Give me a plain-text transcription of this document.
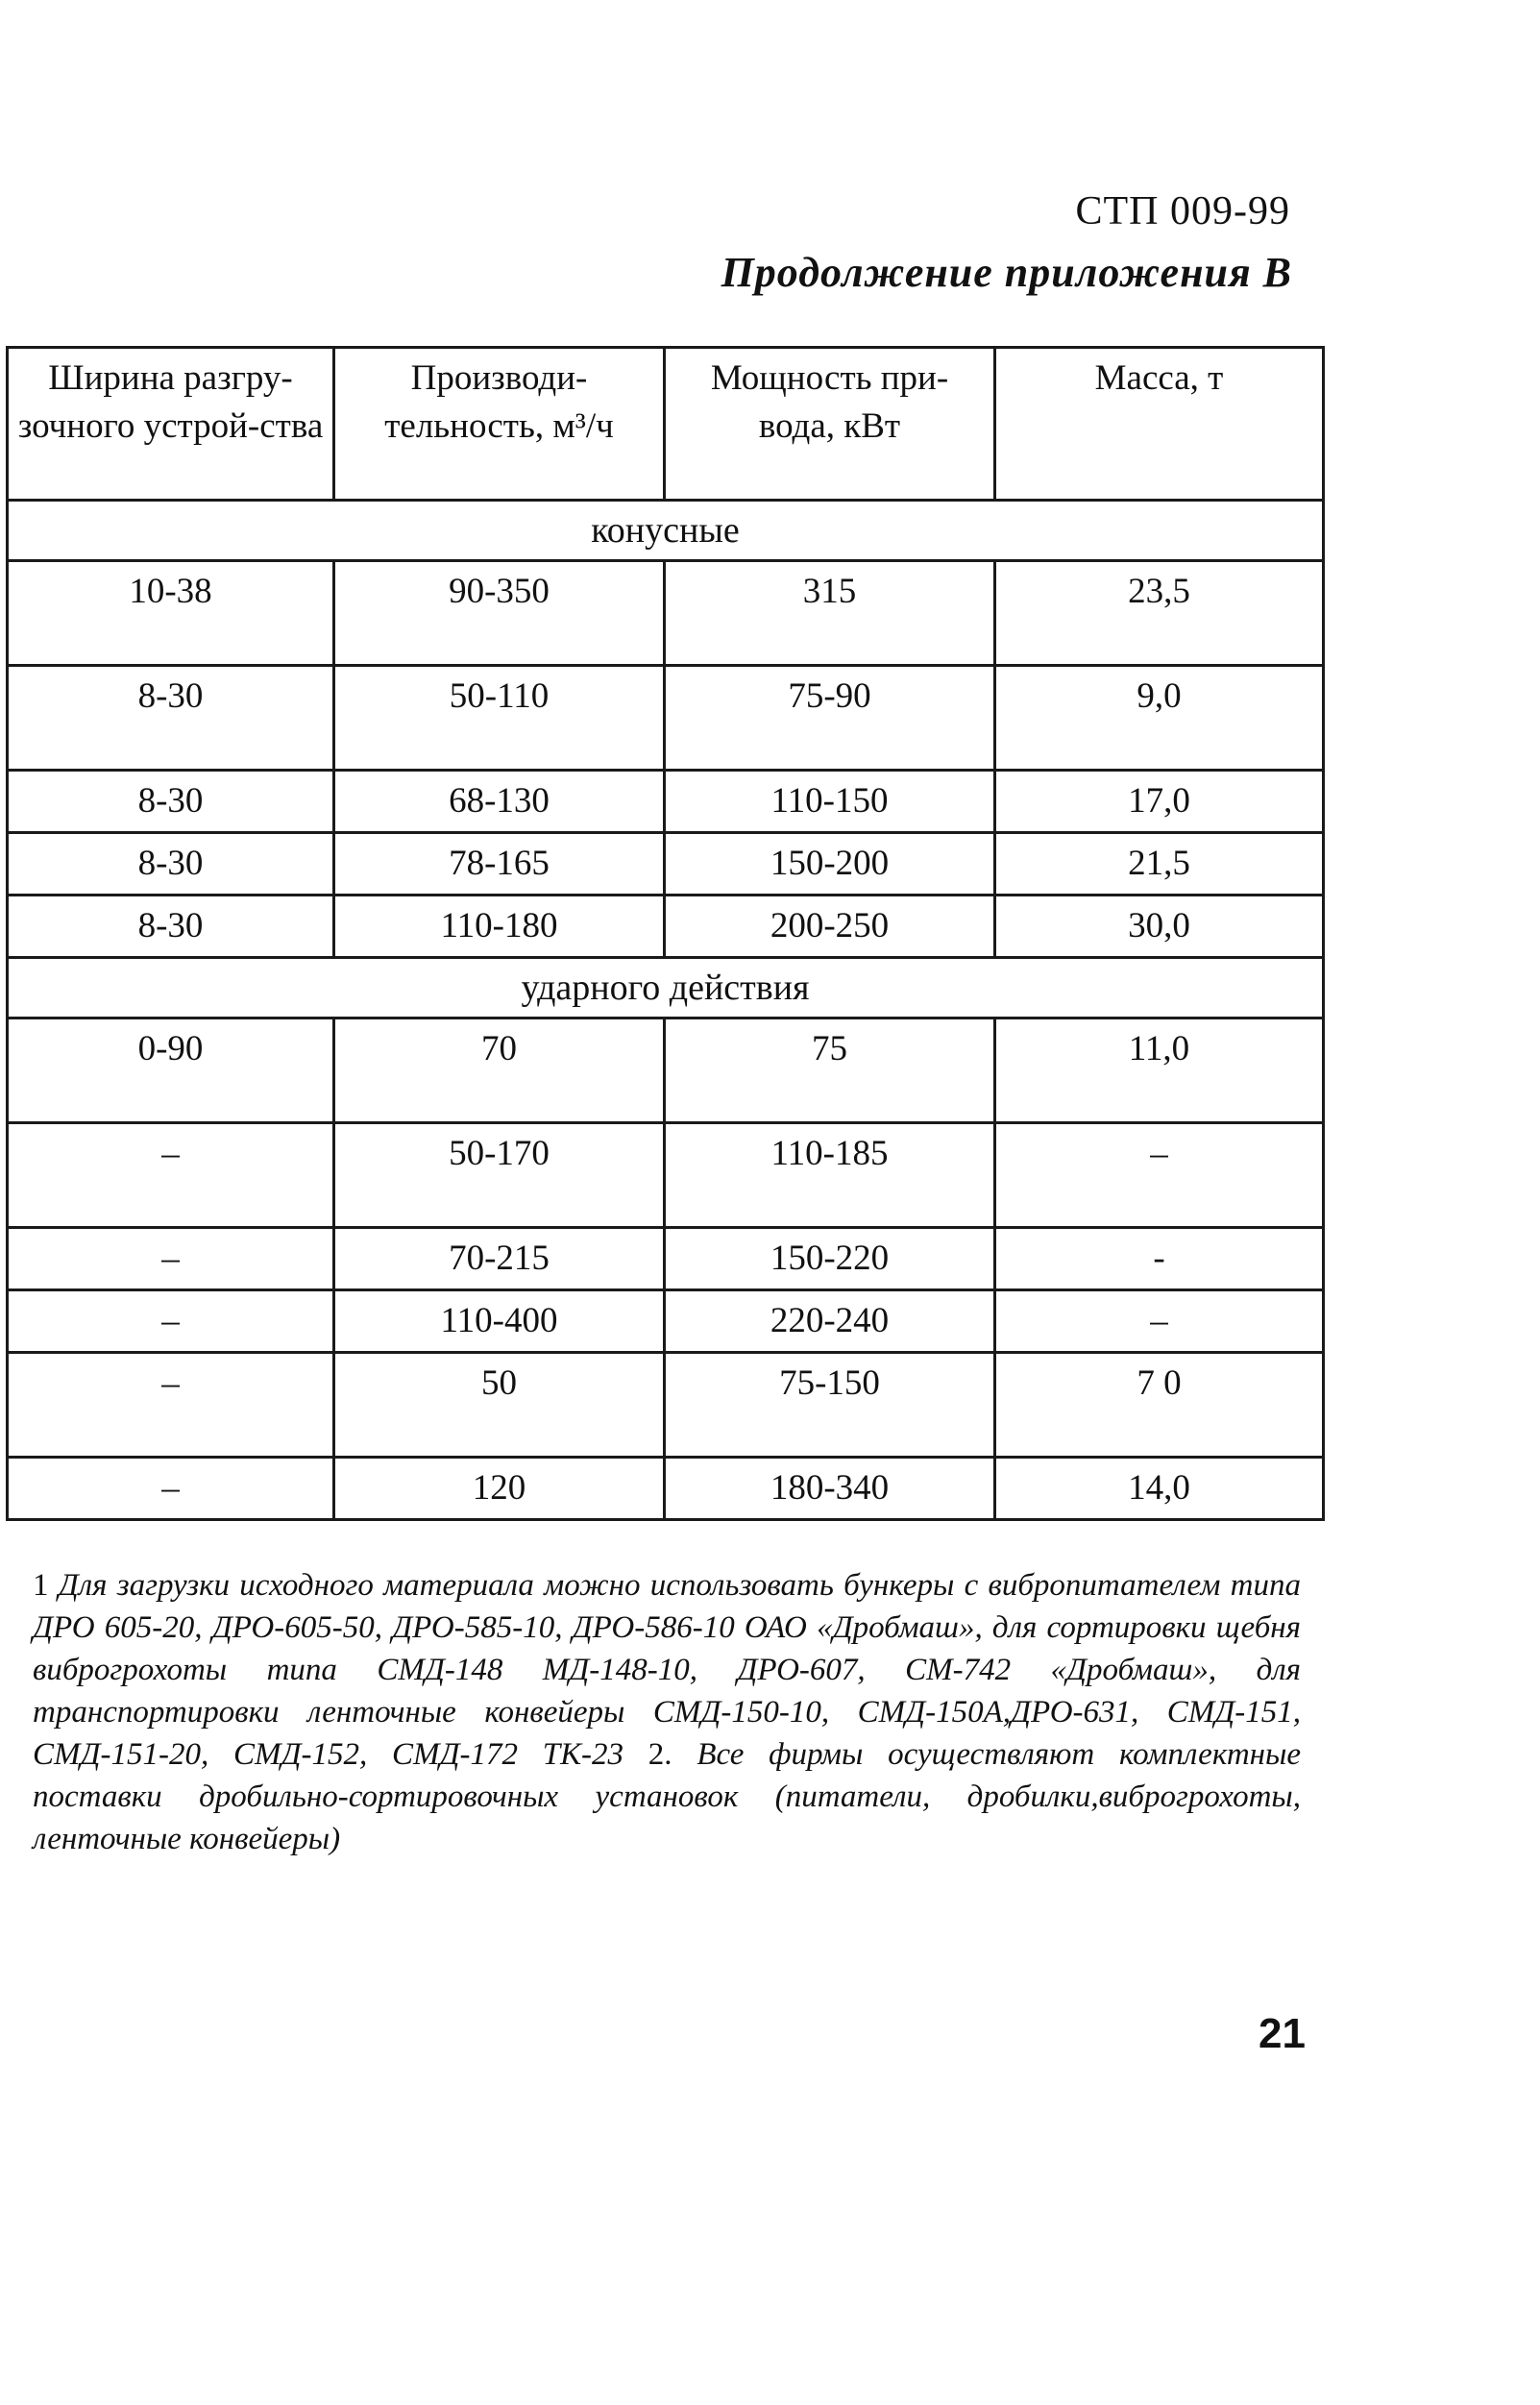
СТП 009-99
Продолжение приложения В
Ширина разгру-зочного устрой-ства	Производи-тельность, м³/ч	Мощность при-вода, кВт	Масса, т
конусные			
10-38	90-350	315	23,5
8-30	50-110	75-90	9,0
8-30	68-130	110-150	17,0
8-30	78-165	150-200	21,5
8-30	110-180	200-250	30,0
ударного действия			
0-90	70	75	11,0
–	50-170	110-185	–
–	70-215	150-220	-
–	110-400	220-240	–
–	50	75-150	7 0
–	120	180-340	14,0
1 Для загрузки исходного материала можно использовать бункеры с вибропитателем типа ДРО 605-20, ДРО-605-50, ДРО-585-10, ДРО-586-10 ОАО «Дробмаш», для сортировки щебня виброгрохоты типа СМД-148 МД-148-10, ДРО-607, СМ-742 «Дробмаш», для транспортировки ленточные конвейеры СМД-150-10, СМД-150А,ДРО-631, СМД-151, СМД-151-20, СМД-152, СМД-172 ТК-23 2. Все фирмы осуществляют комплектные поставки дробильно-сортировочных установок (питатели, дробилки,виброгрохоты, ленточные конвейеры)
21
